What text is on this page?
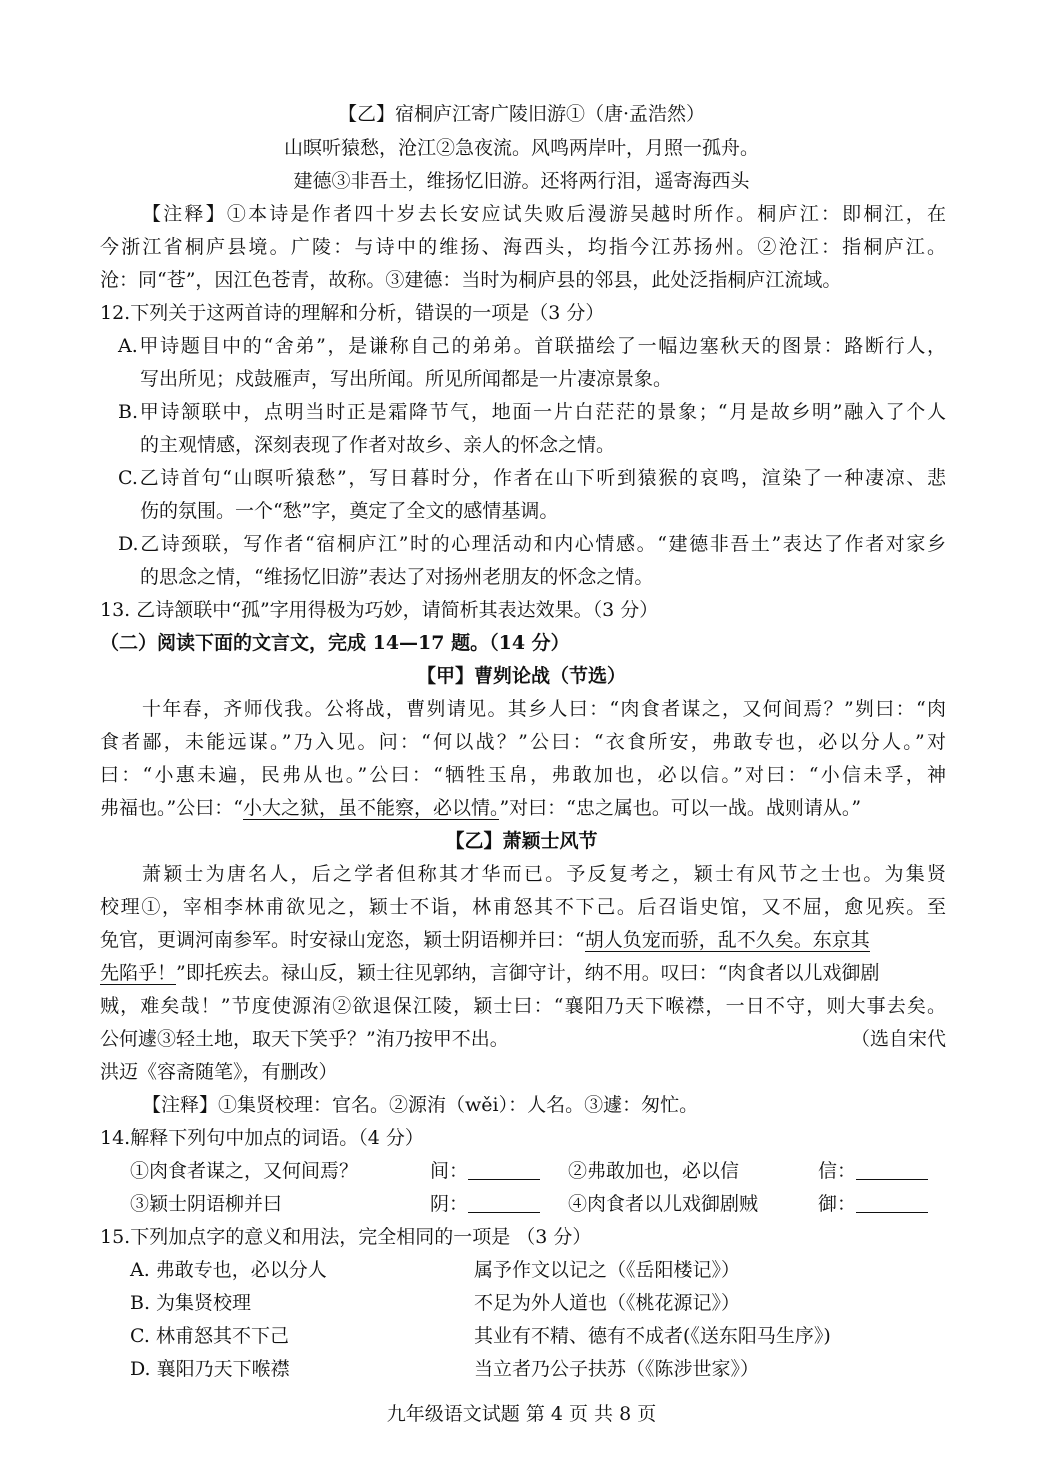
【乙】宿桐庐江寄广陵旧游①（唐·孟浩然）
山暝听猿愁，沧江②急夜流。风鸣两岸叶，月照一孤舟。
建德③非吾土，维扬忆旧游。还将两行泪，遥寄海西头
【注释】①本诗是作者四十岁去长安应试失败后漫游吴越时所作。桐庐江：即桐江，在
今浙江省桐庐县境。广陵：与诗中的维扬、海西头，均指今江苏扬州。②沧江：指桐庐江。
沧：同“苍”，因江色苍青，故称。③建德：当时为桐庐县的邻县，此处泛指桐庐江流域。
12.下列关于这两首诗的理解和分析，错误的一项是（3 分）
A.甲诗题目中的“舍弟”，是谦称自己的弟弟。首联描绘了一幅边塞秋天的图景：路断行人，
写出所见；戍鼓雁声，写出所闻。所见所闻都是一片凄凉景象。
B.甲诗颔联中，点明当时正是霜降节气，地面一片白茫茫的景象；“月是故乡明”融入了个人
的主观情感，深刻表现了作者对故乡、亲人的怀念之情。
C.乙诗首句“山暝听猿愁”，写日暮时分，作者在山下听到猿猴的哀鸣，渲染了一种凄凉、悲
伤的氛围。一个“愁”字，奠定了全文的感情基调。
D.乙诗颈联，写作者“宿桐庐江”时的心理活动和内心情感。“建德非吾土”表达了作者对家乡
的思念之情，“维扬忆旧游”表达了对扬州老朋友的怀念之情。
13. 乙诗颔联中“孤”字用得极为巧妙，请简析其表达效果。（3 分）
（二）阅读下面的文言文，完成 14—17 题。（14 分）
【甲】曹刿论战（节选）
十年春，齐师伐我。公将战，曹刿请见。其乡人曰：“肉食者谋之，又何间焉？”刿曰：“肉
食者鄙，未能远谋。”乃入见。问：“何以战？”公曰：“衣食所安，弗敢专也，必以分人。”对
曰：“小惠未遍，民弗从也。”公曰：“牺牲玉帛，弗敢加也，必以信。”对曰：“小信未孚，神
弗福也。”公曰：“小大之狱，虽不能察，必以情。”对曰：“忠之属也。可以一战。战则请从。”
【乙】萧颖士风节
萧颖士为唐名人，后之学者但称其才华而已。予反复考之，颖士有风节之士也。为集贤
校理①，宰相李林甫欲见之，颖士不诣，林甫怒其不下己。后召诣史馆，又不屈，愈见疾。至
免官，更调河南参军。时安禄山宠恣，颖士阴语柳并曰：“胡人负宠而骄，乱不久矣。东京其
先陷乎！”即托疾去。禄山反，颖士往见郭纳，言御守计，纳不用。叹曰：“肉食者以儿戏御剧
贼，难矣哉！”节度使源洧②欲退保江陵，颖士曰：“襄阳乃天下喉襟，一日不守，则大事去矣。
公何遽③轻土地，取天下笑乎？”洧乃按甲不出。	（选自宋代
洪迈《容斋随笔》，有删改）
【注释】①集贤校理：官名。②源洧（wěi）：人名。③遽：匆忙。
14.解释下列句中加点的词语。（4 分）
①肉食者谋之，又何间焉？	间：	②弗敢加也，必以信	信：
③颖士阴语柳并曰	阴：	④肉食者以儿戏御剧贼	御：
15.下列加点字的意义和用法，完全相同的一项是 （3 分）
A. 弗敢专也，必以分人	属予作文以记之（《岳阳楼记》）
B. 为集贤校理	不足为外人道也（《桃花源记》）
C. 林甫怒其不下己	其业有不精、德有不成者(《送东阳马生序》)
D. 襄阳乃天下喉襟	当立者乃公子扶苏（《陈涉世家》）
九年级语文试题 第 4 页 共 8 页
